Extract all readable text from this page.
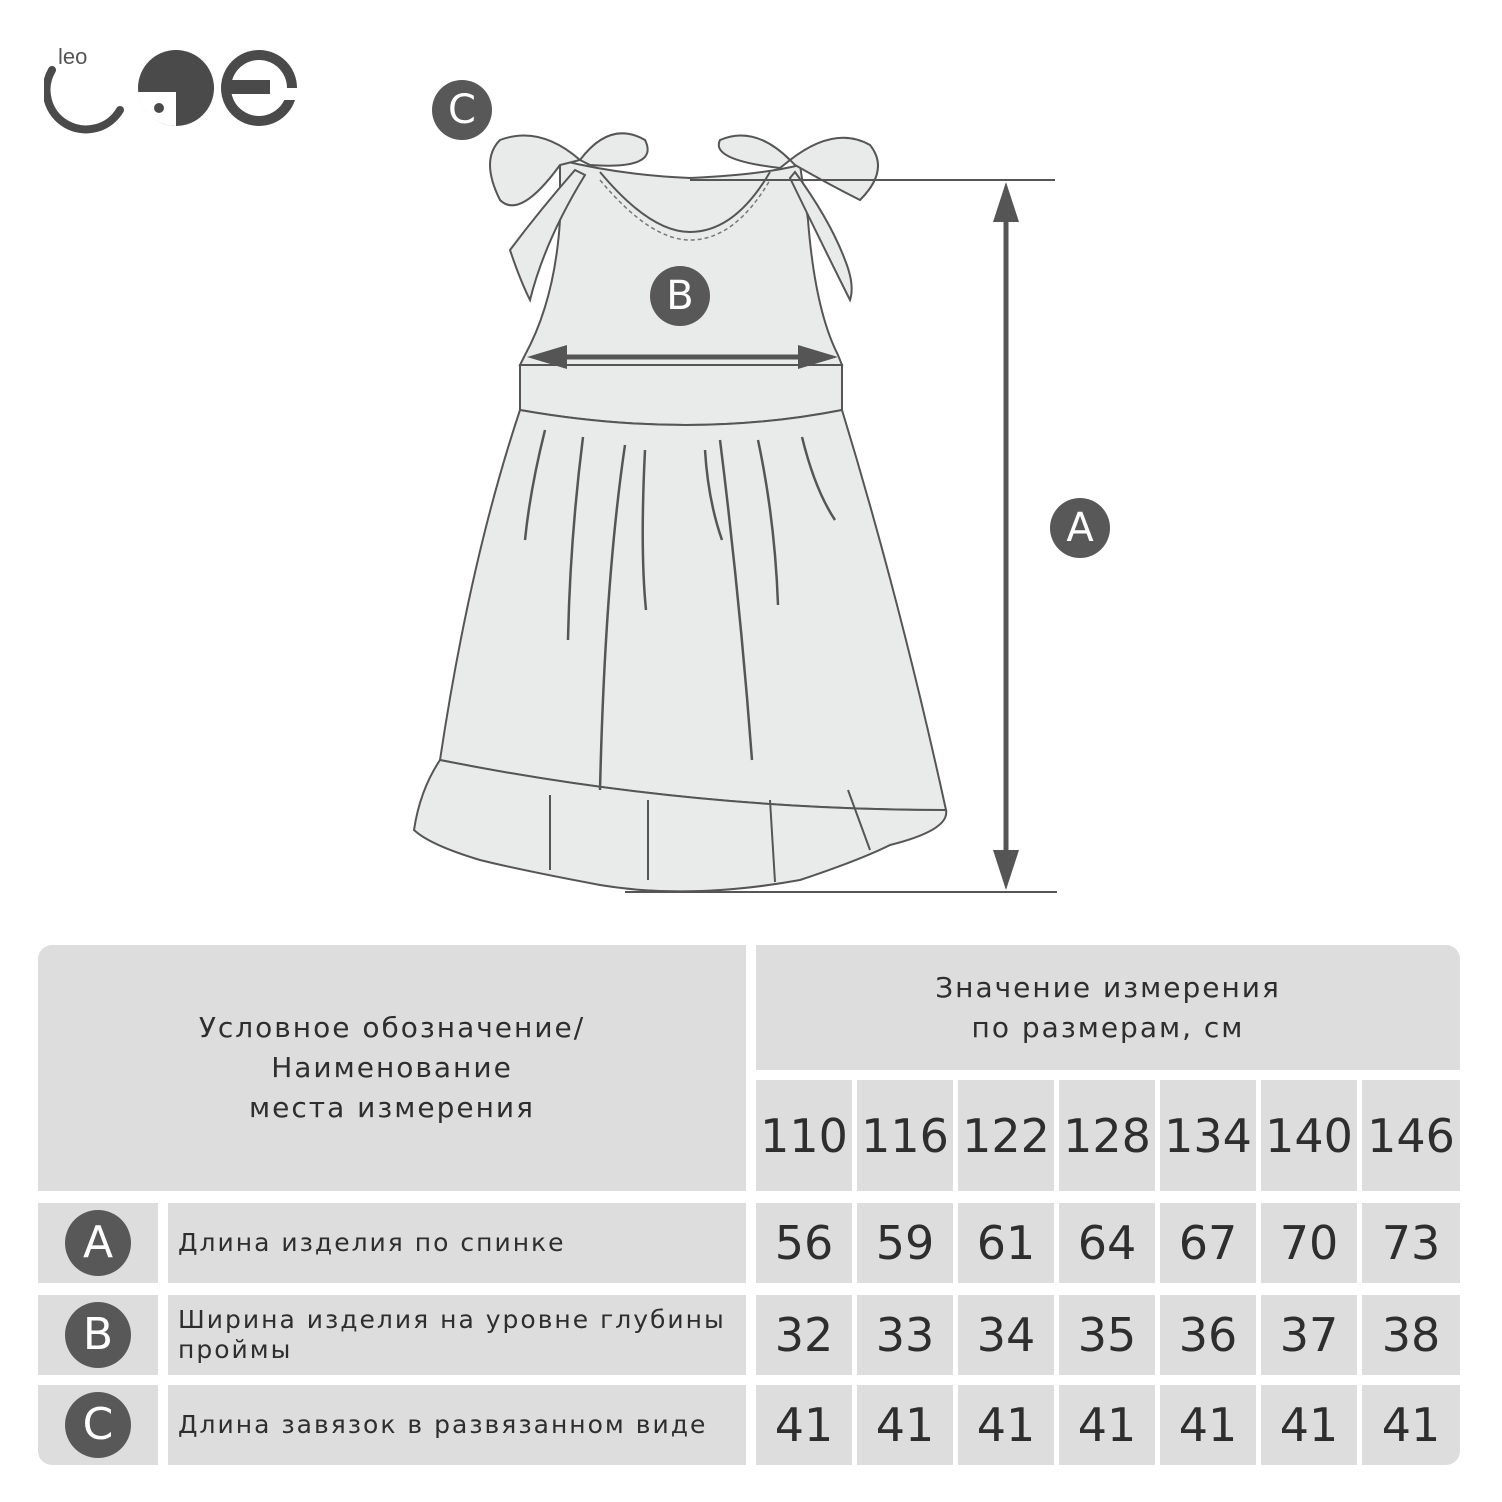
leo
C
B
A
Условное обозначение/
Наименование
места измерения
Значение измерения
по размерам, см
110 116 122 128 134 140 146
A	Длина изделия по спинке	56 59 61 64 67 70 73
B	Ширина изделия на уровне глубины проймы	32 33 34 35 36 37 38
C	Длина завязок в развязанном виде	41 41 41 41 41 41 41
